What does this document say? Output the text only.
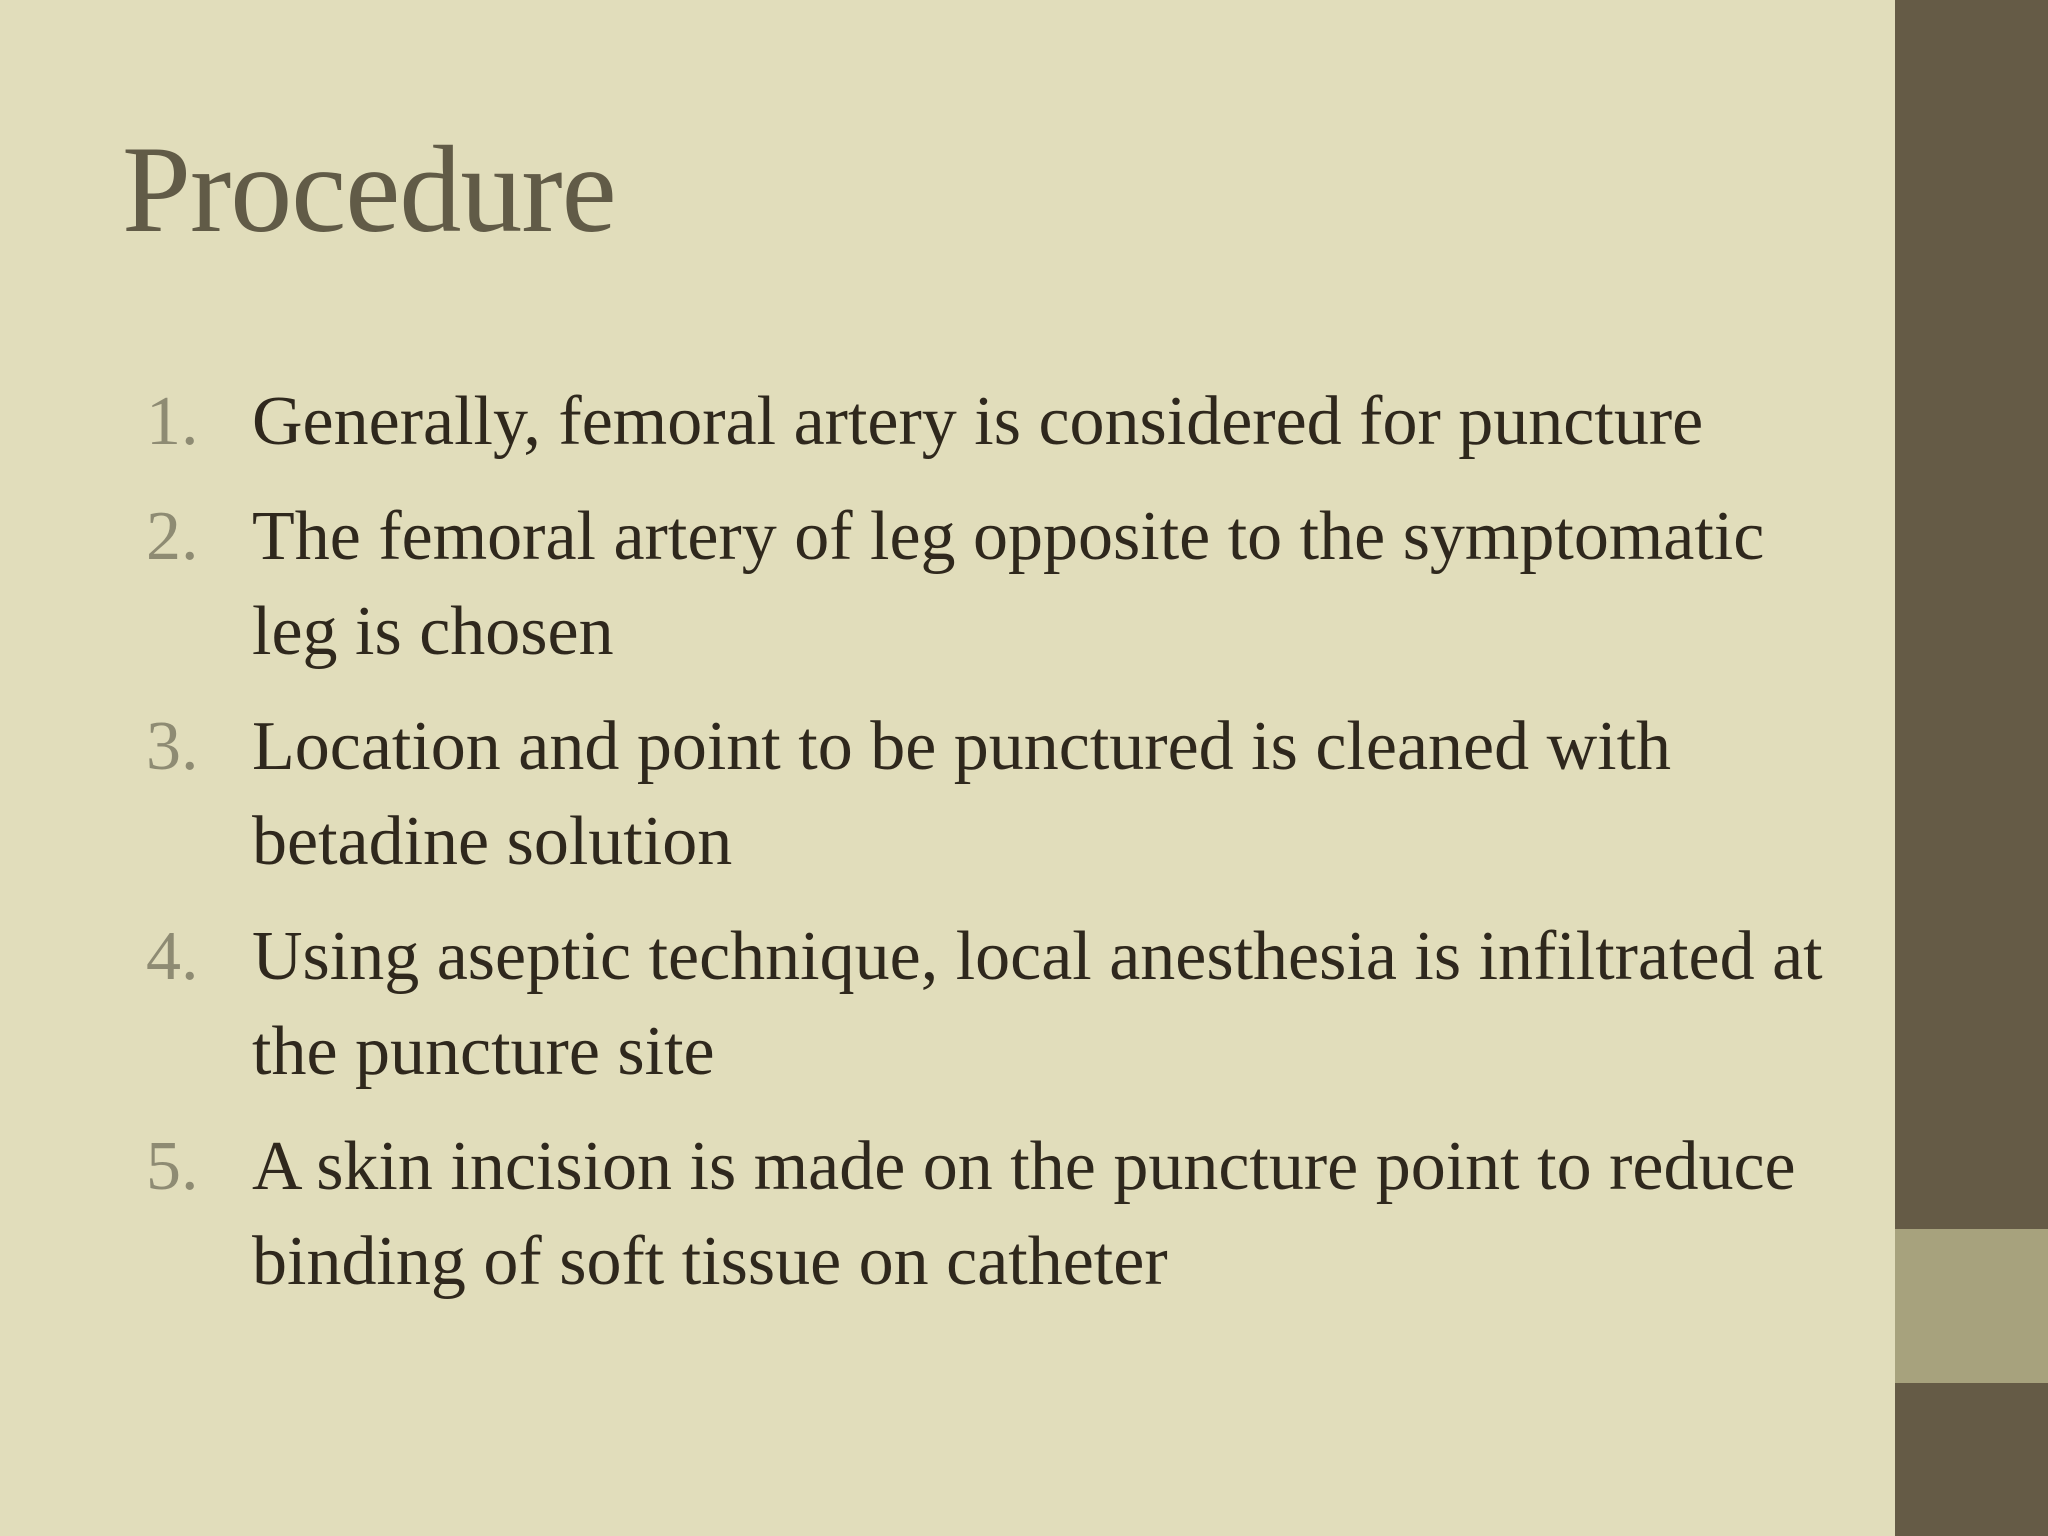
Procedure
1. Generally, femoral artery is considered for puncture
2. The femoral artery of leg opposite to the symptomatic leg is chosen
3. Location and point to be punctured is cleaned with betadine solution
4. Using aseptic technique, local anesthesia is infiltrated at the puncture site
5. A skin incision is made on the puncture point to reduce binding of soft tissue on catheter
